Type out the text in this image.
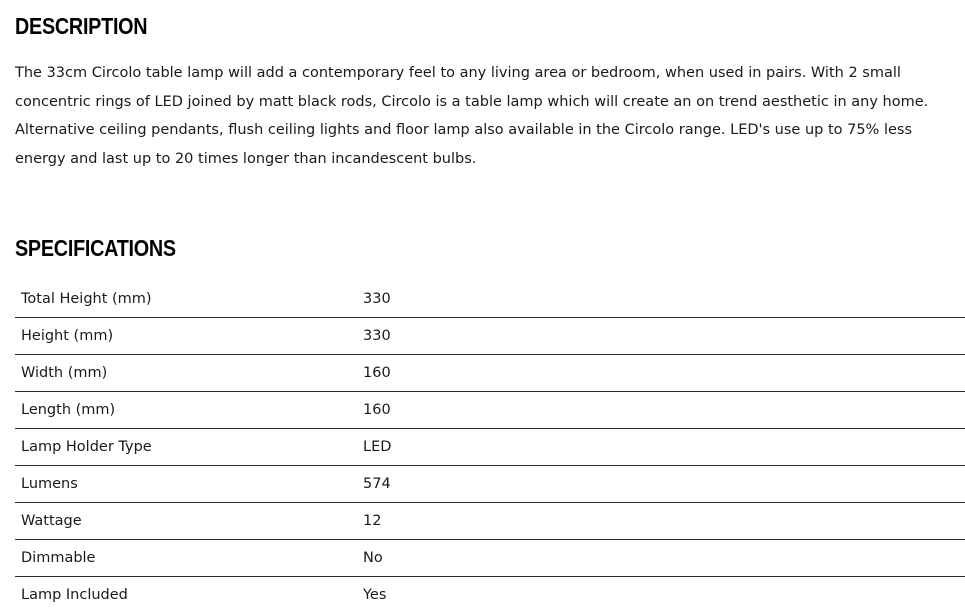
DESCRIPTION

The 33cm Circolo table lamp will add a contemporary feel to any living area or bedroom, when used in pairs. With 2 small concentric rings of LED joined by matt black rods, Circolo is a table lamp which will create an on trend aesthetic in any home. Alternative ceiling pendants, flush ceiling lights and floor lamp also available in the Circolo range. LED's use up to 75% less energy and last up to 20 times longer than incandescent bulbs.

SPECIFICATIONS
Total Height (mm)	330
Height (mm)	330
Width (mm)	160
Length (mm)	160
Lamp Holder Type	LED
Lumens	574
Wattage	12
Dimmable	No
Lamp Included	Yes
